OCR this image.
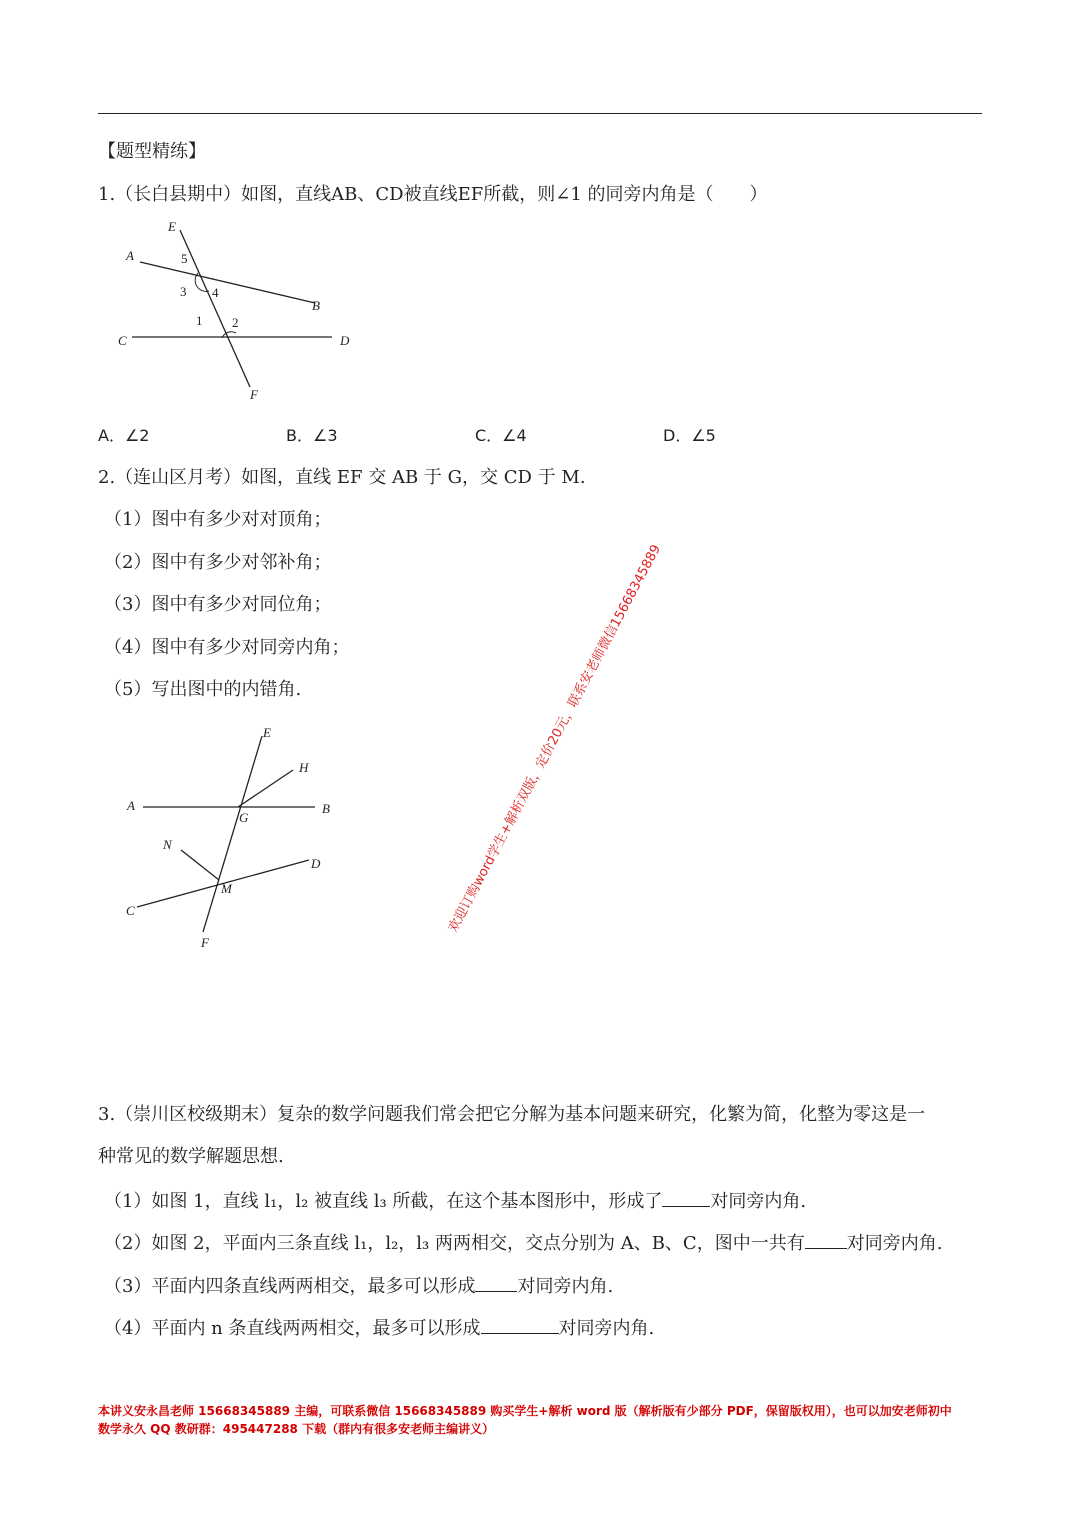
【题型精练】
1.（长白县期中）如图，直线AB、CD被直线EF所截，则∠1 的同旁内角是（　　）
E
A
B
C	D
F
5
3 4
1 2
A．∠2	B．∠3	C．∠4	D．∠5
2.（连山区月考）如图，直线 EF 交 AB 于 G，交 CD 于 M.
（1）图中有多少对对顶角；
（2）图中有多少对邻补角；
（3）图中有多少对同位角；
（4）图中有多少对同旁内角；
（5）写出图中的内错角.
E
H
A	B
G
N
D
M
C
F
欢迎订购word学生+解析双版，定价20元，联系安老师微信15668345889
3.（崇川区校级期末）复杂的数学问题我们常会把它分解为基本问题来研究，化繁为简，化整为零这是一
种常见的数学解题思想.
（1）如图 1，直线 l₁，l₂ 被直线 l₃ 所截，在这个基本图形中，形成了	对同旁内角.
（2）如图 2，平面内三条直线 l₁，l₂，l₃ 两两相交，交点分别为 A、B、C，图中一共有 对同旁内角.
（3）平面内四条直线两两相交，最多可以形成 对同旁内角.
（4）平面内 n 条直线两两相交，最多可以形成	对同旁内角.
本讲义安永昌老师 15668345889 主编，可联系微信 15668345889 购买学生+解析 word 版（解析版有少部分 PDF，保留版权用），也可以加安老师初中
数学永久 QQ 教研群：495447288 下载（群内有很多安老师主编讲义）
